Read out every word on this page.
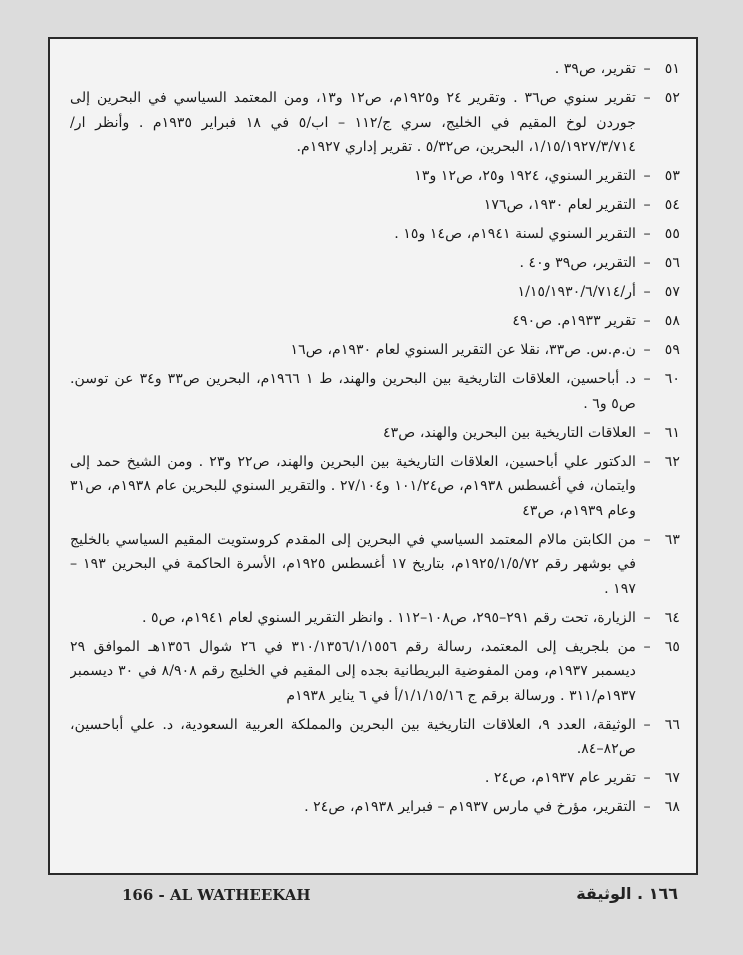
٥١
–
تقرير، ص٣٩ .
٥٢
–
تقرير سنوي ص٣٦ . وتقرير ٢٤ و١٩٢٥م، ص١٢ و١٣، ومن المعتمد السياسي في البحرين إلى جوردن لوخ المقيم في الخليج، سري ج/١١٢ – اب/٥ في ١٨ فبراير ١٩٣٥م . وأنظر ار/١/١٥/١٩٢٧/٣/٧١٤، البحرين، ص٥/٣٢ . تقرير إداري ١٩٢٧م.
٥٣
–
التقرير السنوي، ١٩٢٤ و٢٥، ص١٢ و١٣
٥٤
–
التقرير لعام ١٩٣٠، ص١٧٦
٥٥
–
التقرير السنوي لسنة ١٩٤١م، ص١٤ و١٥ .
٥٦
–
التقرير، ص٣٩ و٤٠ .
٥٧
–
أر/١/١٥/١٩٣٠/٦/٧١٤
٥٨
–
تقرير ١٩٣٣م. ص٤٩٠
٥٩
–
ن.م.س. ص٣٣، نقلا عن التقرير السنوي لعام ١٩٣٠م، ص١٦
٦٠
–
د. أباحسين، العلاقات التاريخية بين البحرين والهند، ط ١ ١٩٦٦م، البحرين ص٣٣ و٣٤ عن توسن. ص٥ و٦ .
٦١
–
العلاقات التاريخية بين البحرين والهند، ص٤٣
٦٢
–
الدكتور علي أباحسين، العلاقات التاريخية بين البحرين والهند، ص٢٢ و٢٣ . ومن الشيخ حمد إلى وايتمان، في أغسطس ١٩٣٨م، ص١٠١/٢٤ و٢٧/١٠٤ . والتقرير السنوي للبحرين عام ١٩٣٨م، ص٣١ وعام ١٩٣٩م، ص٤٣
٦٣
–
من الكابتن مالام المعتمد السياسي في البحرين إلى المقدم كروستويت المقيم السياسي بالخليج في بوشهر رقم ١٩٢٥/١/٥/٧٢م، بتاريخ ١٧ أغسطس ١٩٢٥م، الأسرة الحاكمة في البحرين ١٩٣ – ١٩٧ .
٦٤
–
الزيارة، تحت رقم ٢٩١–٢٩٥، ص١٠٨–١١٢ . وانظر التقرير السنوي لعام ١٩٤١م، ص٥ .
٦٥
–
من بلجريف إلى المعتمد، رسالة رقم ٣١٠/١٣٥٦/١/١٥٥٦ في ٢٦ شوال ١٣٥٦هـ الموافق ٢٩ ديسمبر ١٩٣٧م، ومن المفوضية البريطانية بجده إلى المقيم في الخليج رقم ٨/٩٠٨ في ٣٠ ديسمبر ١٩٣٧م/٣١١ . ورسالة برقم ج ١/١/١٥/١٦/أ في ٦ يناير ١٩٣٨م
٦٦
–
الوثيقة، العدد ٩، العلاقات التاريخية بين البحرين والمملكة العربية السعودية، د. علي أباحسين، ص٨٢–٨٤.
٦٧
–
تقرير عام ١٩٣٧م، ص٢٤ .
٦٨
–
التقرير، مؤرخ في مارس ١٩٣٧م – فبراير ١٩٣٨م، ص٢٤ .
166 - AL WATHEEKAH	١٦٦ . الوثيقة
